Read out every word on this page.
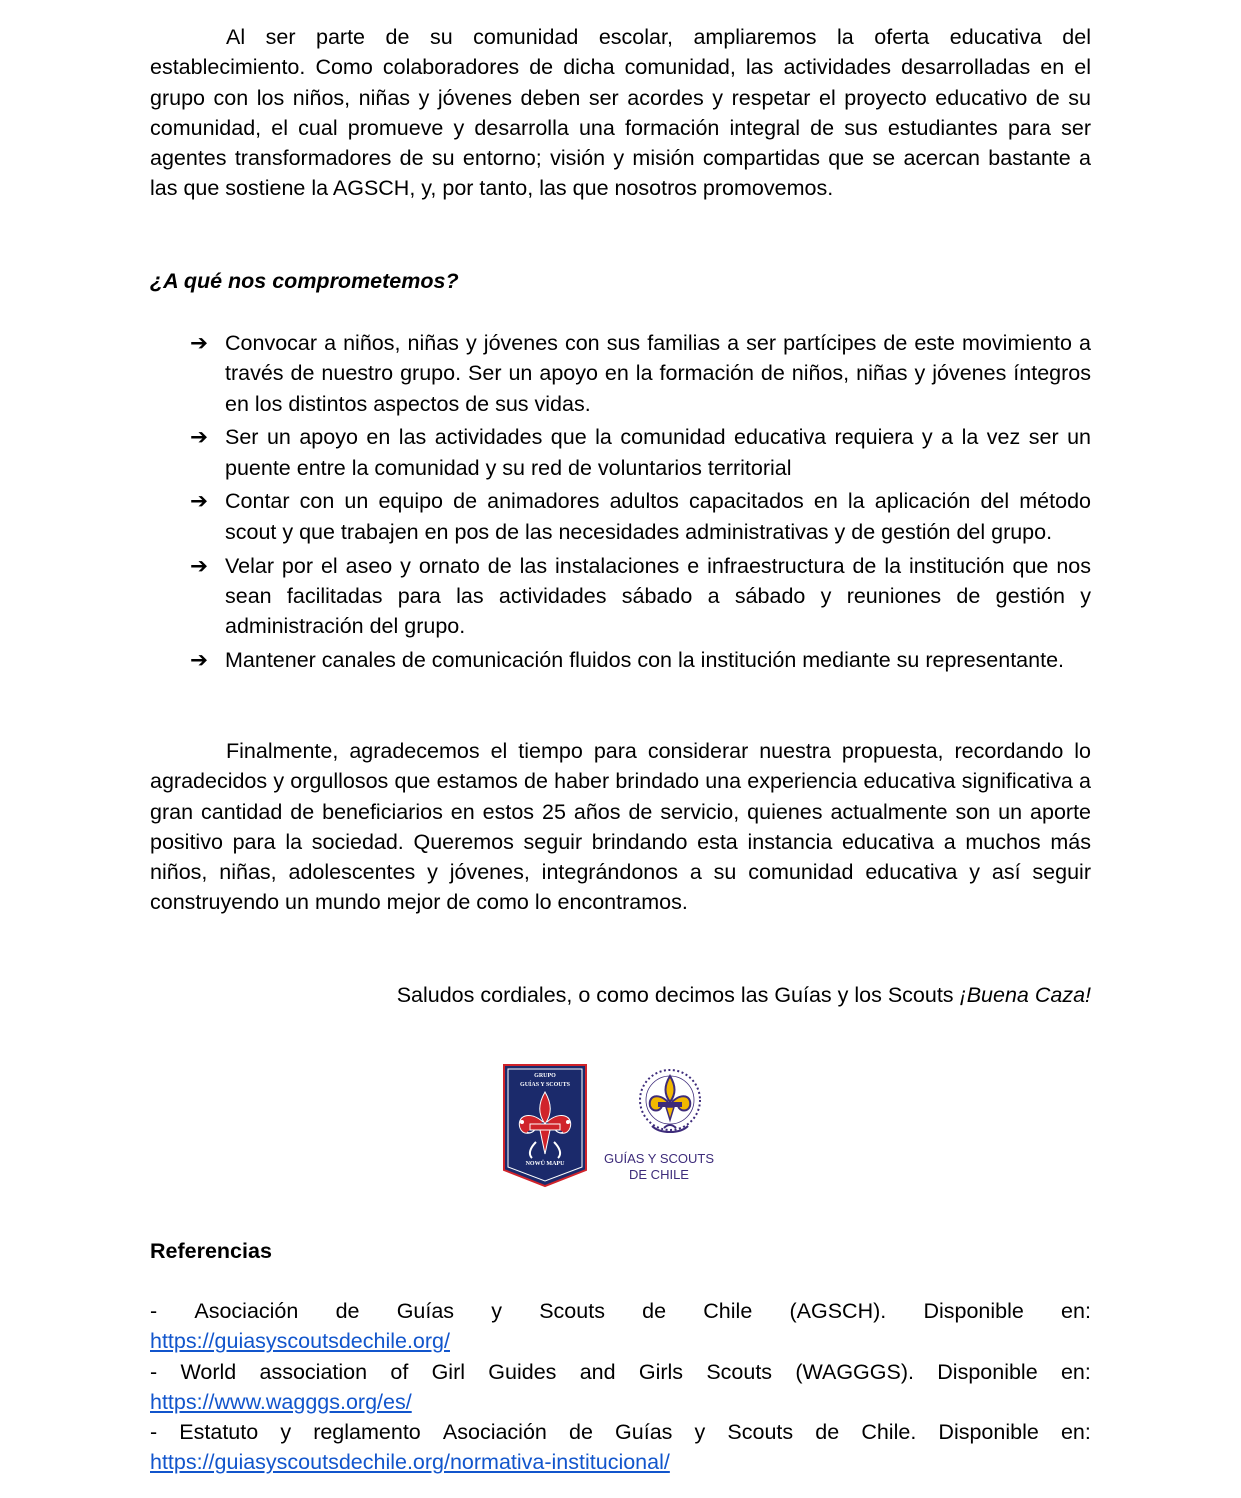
Al ser parte de su comunidad escolar, ampliaremos la oferta educativa del establecimiento. Como colaboradores de dicha comunidad, las actividades desarrolladas en el grupo con los niños, niñas y jóvenes deben ser acordes y respetar el proyecto educativo de su comunidad, el cual promueve y desarrolla una formación integral de sus estudiantes para ser agentes transformadores de su entorno; visión y misión compartidas que se acercan bastante a las que sostiene la AGSCH, y, por tanto, las que nosotros promovemos.

¿A qué nos comprometemos?

➔ Convocar a niños, niñas y jóvenes con sus familias a ser partícipes de este movimiento a través de nuestro grupo. Ser un apoyo en la formación de niños, niñas y jóvenes íntegros en los distintos aspectos de sus vidas.
➔ Ser un apoyo en las actividades que la comunidad educativa requiera y a la vez ser un puente entre la comunidad y su red de voluntarios territorial
➔ Contar con un equipo de animadores adultos capacitados en la aplicación del método scout y que trabajen en pos de las necesidades administrativas y de gestión del grupo.
➔ Velar por el aseo y ornato de las instalaciones e infraestructura de la institución que nos sean facilitadas para las actividades sábado a sábado y reuniones de gestión y administración del grupo.
➔ Mantener canales de comunicación fluidos con la institución mediante su representante.

Finalmente, agradecemos el tiempo para considerar nuestra propuesta, recordando lo agradecidos y orgullosos que estamos de haber brindado una experiencia educativa significativa a gran cantidad de beneficiarios en estos 25 años de servicio, quienes actualmente son un aporte positivo para la sociedad. Queremos seguir brindando esta instancia educativa a muchos más niños, niñas, adolescentes y jóvenes, integrándonos a su comunidad educativa y así seguir construyendo un mundo mejor de como lo encontramos.

Saludos cordiales, o como decimos las Guías y los Scouts ¡Buena Caza!

GRUPO
GUÍAS Y SCOUTS
NOWÜ MAPU	GUÍAS Y SCOUTS
DE CHILE

Referencias

- Asociación de Guías y Scouts de Chile (AGSCH). Disponible en:
https://guiasyscoutsdechile.org/
- World association of Girl Guides and Girls Scouts (WAGGGS). Disponible en:
https://www.wagggs.org/es/
- Estatuto y reglamento Asociación de Guías y Scouts de Chile. Disponible en:
https://guiasyscoutsdechile.org/normativa-institucional/
